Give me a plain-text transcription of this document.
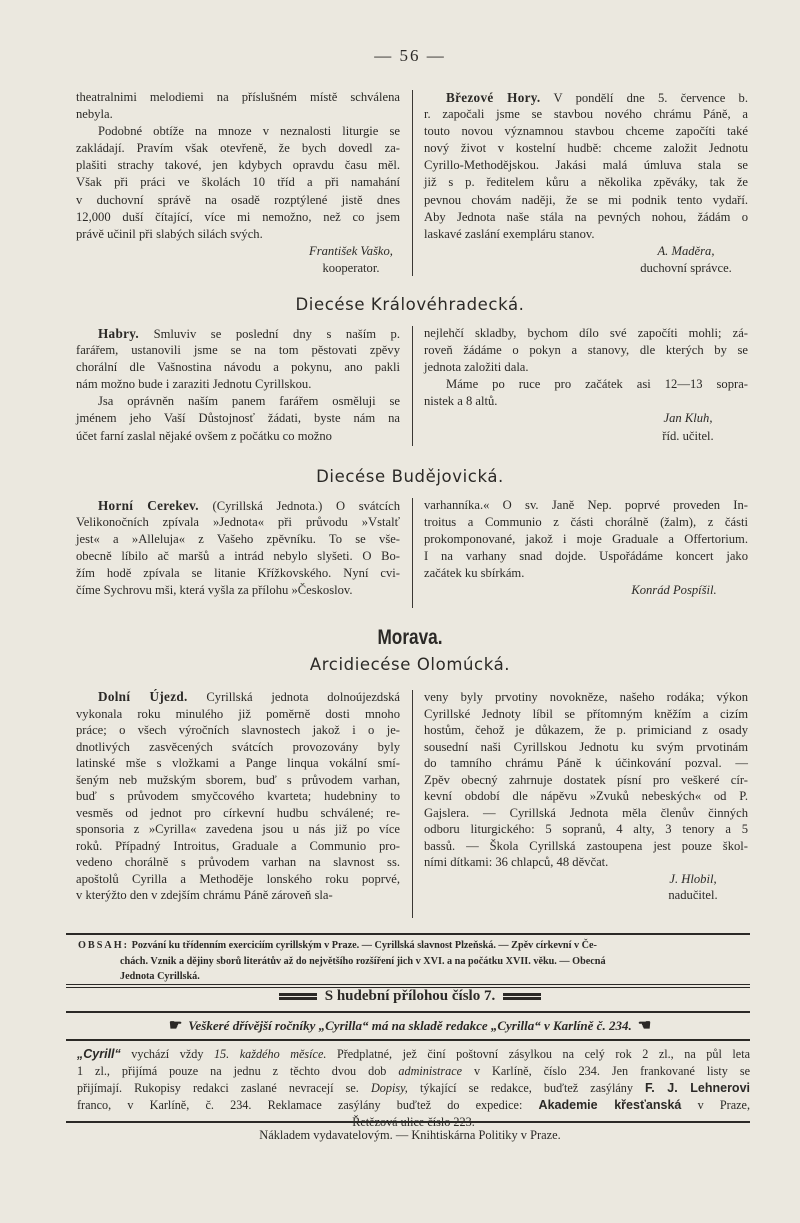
— 56 —
theatralnimi melodiemi na příslušném místě schválena
nebyla.
Podobné obtíže na mnoze v neznalosti liturgie se
zakládají. Pravím však otevřeně, že bych dovedl za-
plašiti strachy takové, jen kdybych opravdu času měl.
Však při práci ve školách 10 tříd a při namahání
v duchovní správě na osadě rozptýlené jistě dnes
12,000 duší čítající, více mi nemožno, než co jsem
právě učinil při slabých silách svých.
František Vaško,
kooperator.
Březové Hory. V pondělí dne 5. července b.
r. započali jsme se stavbou nového chrámu Páně, a
touto novou významnou stavbou chceme započíti také
nový život v kostelní hudbě: chceme založit Jednotu
Cyrillo-Methodějskou. Jakási malá úmluva stala se
již s p. ředitelem kůru a několika zpěváky, tak že
pevnou chovám naději, že se mi podnik tento vydaří.
Aby Jednota naše stála na pevných nohou, žádám o
laskavé zaslání exempláru stanov.
A. Maděra,
duchovní správce.
Diecése Královéhradecká.
Habry. Smluviv se poslední dny s naším p.
farářem, ustanovili jsme se na tom pěstovati zpěvy
chorální dle Vašnostina návodu a pokynu, ano pakli
nám možno bude i zaraziti Jednotu Cyrillskou.
Jsa oprávněn naším panem farářem osměluji se
jménem jeho Vaší Důstojnosť žádati, byste nám na
účet farní zaslal nějaké ovšem z počátku co možno
nejlehčí skladby, bychom dílo své započíti mohli; zá-
roveň žádáme o pokyn a stanovy, dle kterých by se
jednota založiti dala.
Máme po ruce pro začátek asi 12—13 sopra-
nistek a 8 altů.
Jan Kluh,
říd. učitel.
Diecése Budějovická.
Horní Cerekev. (Cyrillská Jednota.) O svátcích
Velikonočních zpívala »Jednota« při průvodu »Vstalť
jest« a »Alleluja« z Vašeho zpěvníku. To se vše-
obecně líbilo ač maršů a intrád nebylo slyšeti. O Bo-
žím hodě zpívala se litanie Křížkovského. Nyní cvi-
číme Sychrovu mši, která vyšla za přílohu »Českoslov.
varhanníka.« O sv. Janě Nep. poprvé proveden In-
troitus a Communio z části chorálně (žalm), z části
prokomponované, jakož i moje Graduale a Offertorium.
I na varhany snad dojde. Uspořádáme koncert jako
začátek ku sbírkám.
Konrád Pospíšil.
Morava.
Arcidiecése Olomúcká.
Dolní Újezd. Cyrillská jednota dolnoújezdská
vykonala roku minulého již poměrně dosti mnoho
práce; o všech výročních slavnostech jakož i o je-
dnotlivých zasvěcených svátcích provozovány byly
latinské mše s vložkami a Pange linqua vokální smí-
šeným neb mužským sborem, buď s průvodem varhan,
buď s průvodem smyčcového kvarteta; hudebniny to
vesměs od jednot pro církevní hudbu schválené; re-
sponsoria z »Cyrilla« zavedena jsou u nás již po více
roků. Případný Introitus, Graduale a Communio pro-
vedeno chorálně s průvodem varhan na slavnost ss.
apoštolů Cyrilla a Methoděje lonského roku poprvé,
v kterýžto den v zdejším chrámu Páně zároveň sla-
veny byly prvotiny novokněze, našeho rodáka; výkon
Cyrillské Jednoty líbil se přítomným kněžím a cizím
hostům, čehož je důkazem, že p. primiciand z osady
sousední naši Cyrillskou Jednotu ku svým prvotinám
do tamního chrámu Páně k účinkování pozval. —
Zpěv obecný zahrnuje dostatek písní pro veškeré cír-
kevní období dle nápěvu »Zvuků nebeských« od P.
Gajslera. — Cyrillská Jednota měla členův činných
odboru liturgického: 5 sopranů, 4 alty, 3 tenory a 5
bassů. — Škola Cyrillská zastoupena jest pouze škol-
ními dítkami: 36 chlapců, 48 děvčat.
J. Hlobil,
nadučitel.
OBSAH: Pozvání ku třídenním exerciciím cyrillským v Praze. — Cyrillská slavnost Plzeňská. — Zpěv církevní v Če-
chách. Vznik a dějiny sborů literátův až do největšího rozšíření jich v XVI. a na počátku XVII. věku. — Obecná
Jednota Cyrillská.
S hudební přílohou číslo 7.
☛ Veškeré dřívější ročníky „Cyrilla“ má na skladě redakce „Cyrilla“ v Karlíně č. 234. ☚
„Cyrill“ vychází vždy 15. každého měsíce. Předplatné, jež činí poštovní zásylkou na celý rok 2 zl., na půl leta
1 zl., přijímá pouze na jednu z těchto dvou dob administrace v Karlíně, číslo 234. Jen frankované listy se
přijímají. Rukopisy redakci zaslané nevracejí se. Dopisy, týkající se redakce, buďtež zasýlány F. J. Lehnerovi
franco, v Karlíně, č. 234. Reklamace zasýlány buďtež do expedice: Akademie křesťanská v Praze,
Nákladem vydavatelovým. — Knihtiskárna Politiky v Praze.
